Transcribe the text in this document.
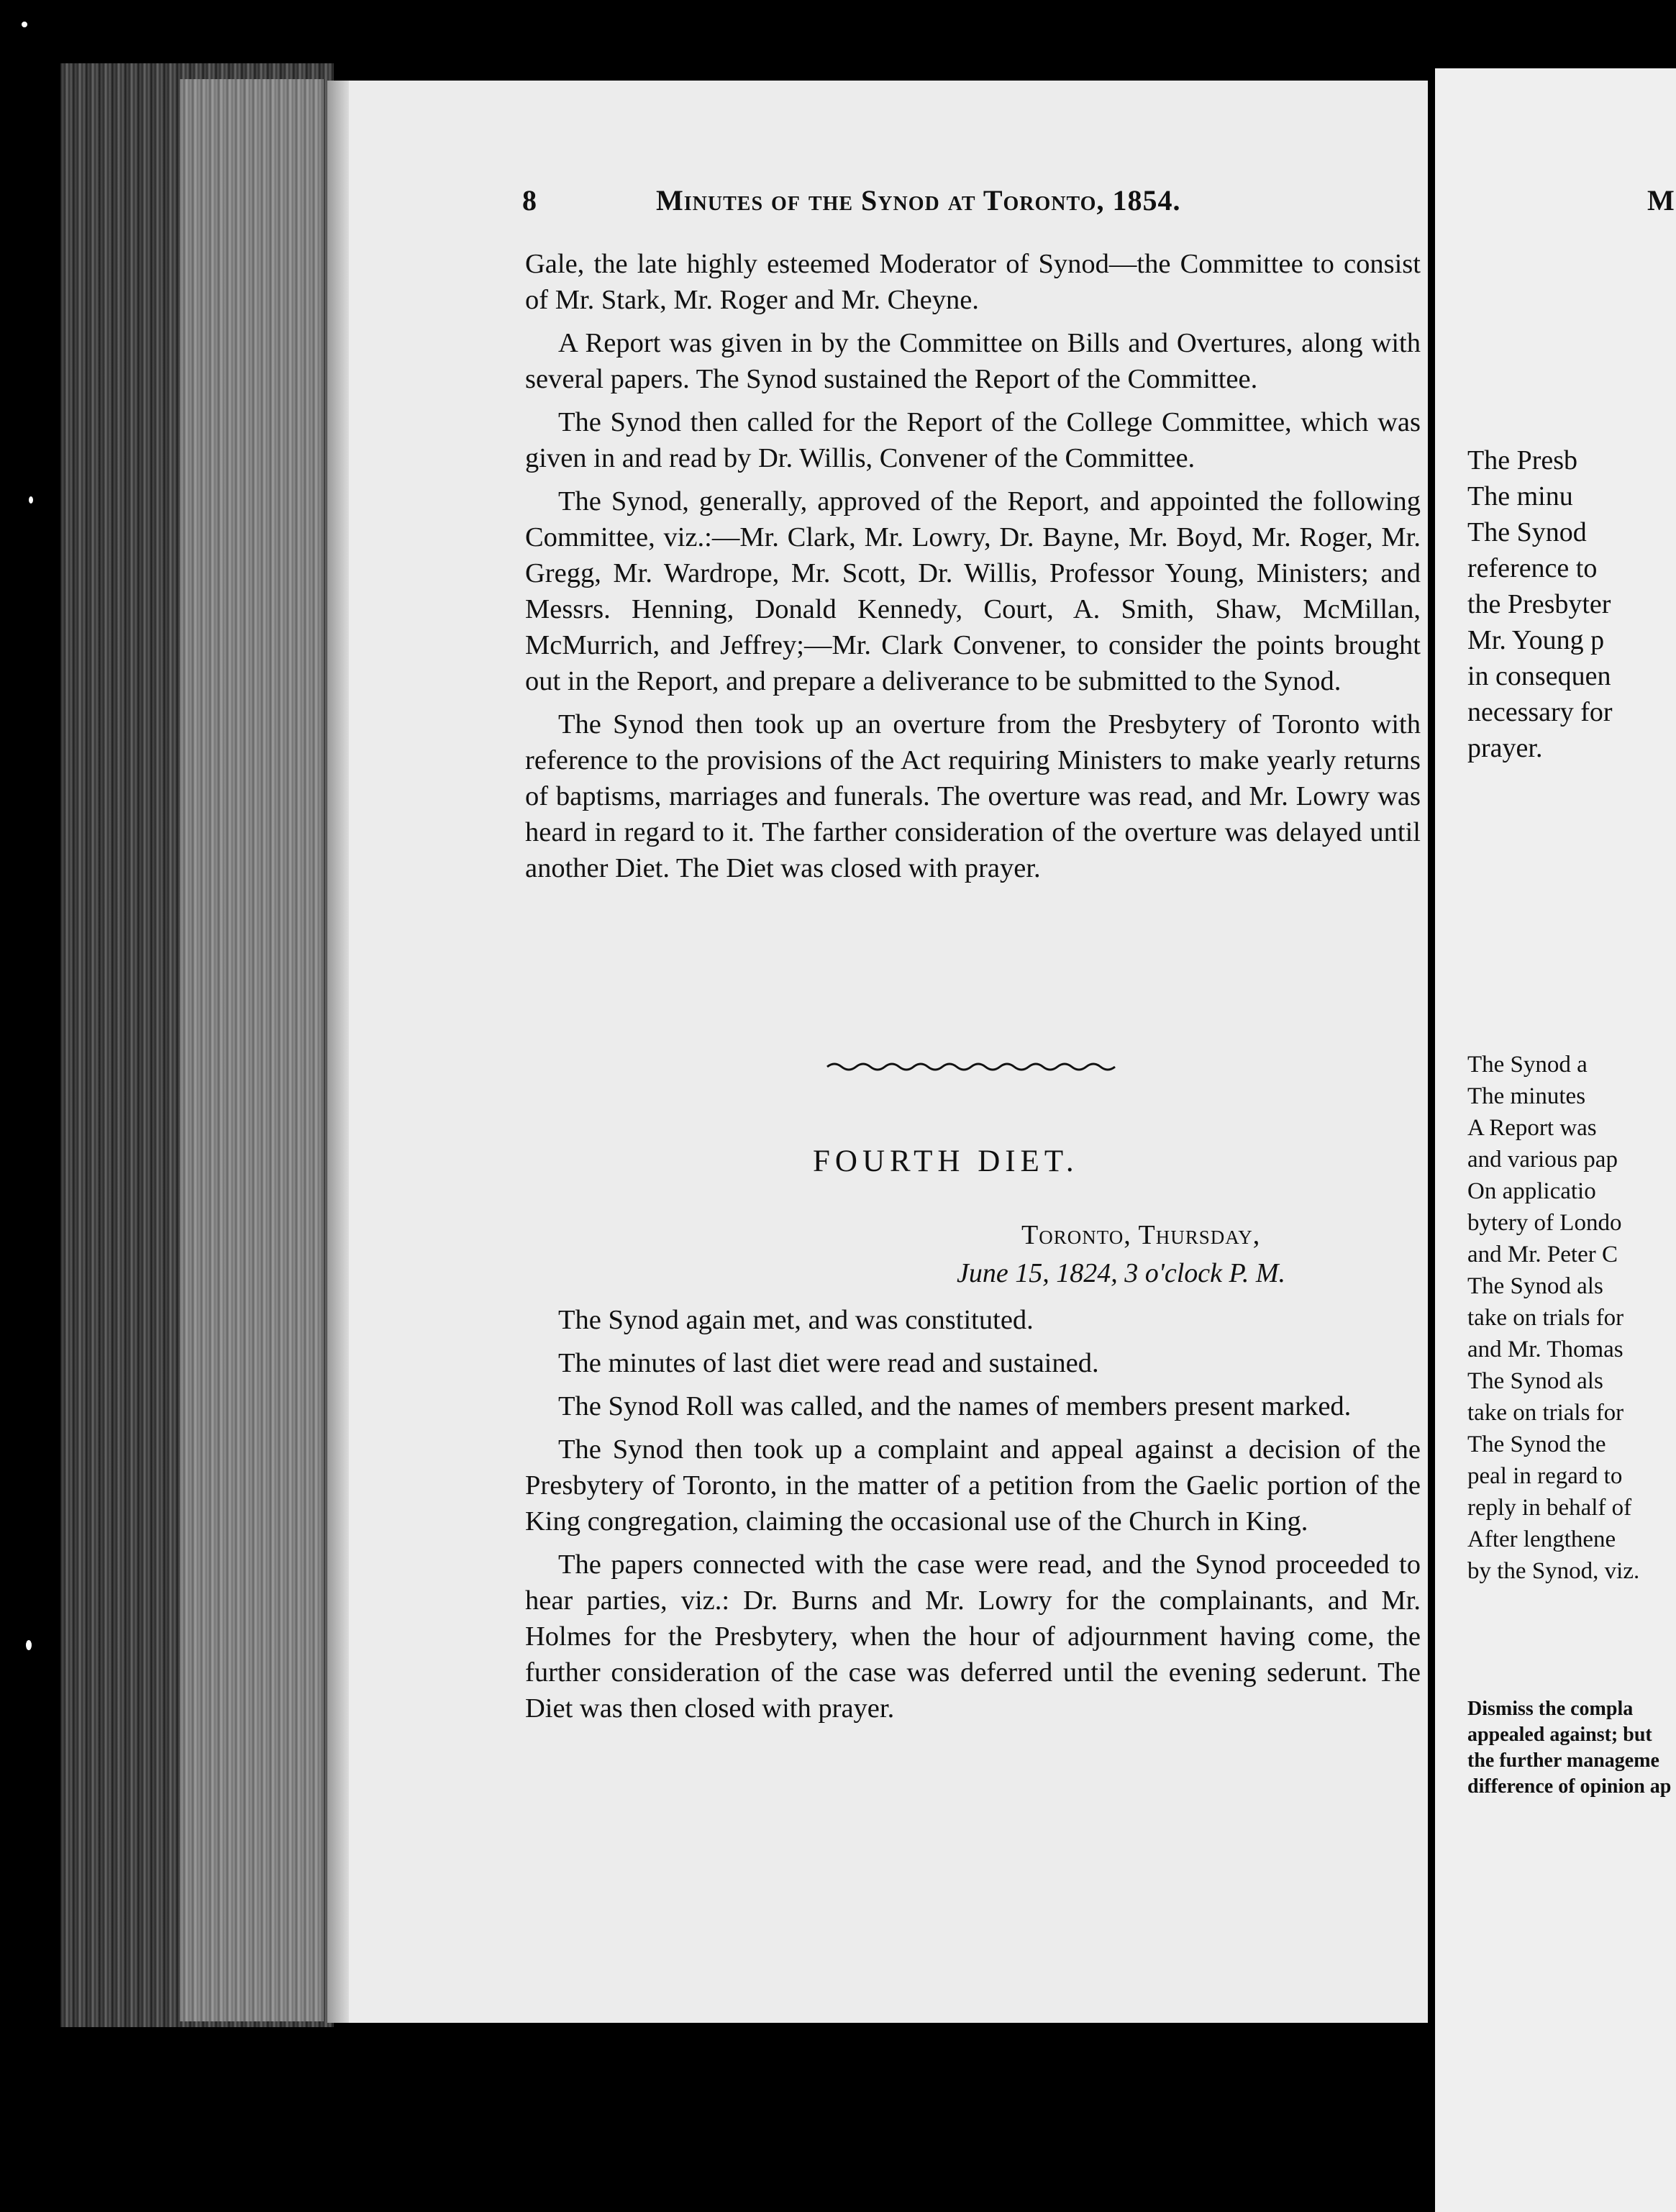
M
8	Minutes of the Synod at Toronto, 1854.

Gale, the late highly esteemed Moderator of Synod—the Committee to consist of Mr. Stark, Mr. Roger and Mr. Cheyne.

A Report was given in by the Committee on Bills and Overtures, along with several papers. The Synod sustained the Report of the Committee.

The Synod then called for the Report of the College Committee, which was given in and read by Dr. Willis, Convener of the Committee.

The Synod, generally, approved of the Report, and appointed the following Committee, viz.:—Mr. Clark, Mr. Lowry, Dr. Bayne, Mr. Boyd, Mr. Roger, Mr. Gregg, Mr. Wardrope, Mr. Scott, Dr. Willis, Professor Young, Ministers; and Messrs. Henning, Donald Kennedy, Court, A. Smith, Shaw, McMillan, McMurrich, and Jeffrey;—Mr. Clark Convener, to consider the points brought out in the Report, and prepare a deliverance to be submitted to the Synod.

The Synod then took up an overture from the Presbytery of Toronto with reference to the provisions of the Act requiring Ministers to make yearly returns of baptisms, marriages and funerals. The overture was read, and Mr. Lowry was heard in regard to it. The farther consideration of the overture was delayed until another Diet. The Diet was closed with prayer.

FOURTH DIET.
Toronto, Thursday,
June 15, 1824, 3 o'clock P. M.

The Synod again met, and was constituted.

The minutes of last diet were read and sustained.

The Synod Roll was called, and the names of members present marked.

The Synod then took up a complaint and appeal against a decision of the Presbytery of Toronto, in the matter of a petition from the Gaelic portion of the King congregation, claiming the occasional use of the Church in King.

The papers connected with the case were read, and the Synod proceeded to hear parties, viz.: Dr. Burns and Mr. Lowry for the complainants, and Mr. Holmes for the Presbytery, when the hour of adjournment having come, the further consideration of the case was deferred until the evening sederunt. The Diet was then closed with prayer.

The Presb
The minu
The Synod
reference to
the Presbyter
Mr. Young p
in consequen
necessary for
prayer.
The Synod a
The minutes
A Report was
and various pap
On applicatio
bytery of Londo
and Mr. Peter C
The Synod als
take on trials for
and Mr. Thomas
The Synod als
take on trials for
The Synod the
peal in regard to
reply in behalf of
After lengthene
by the Synod, viz.
Dismiss the compla
appealed against; but
the further manageme
difference of opinion ap
